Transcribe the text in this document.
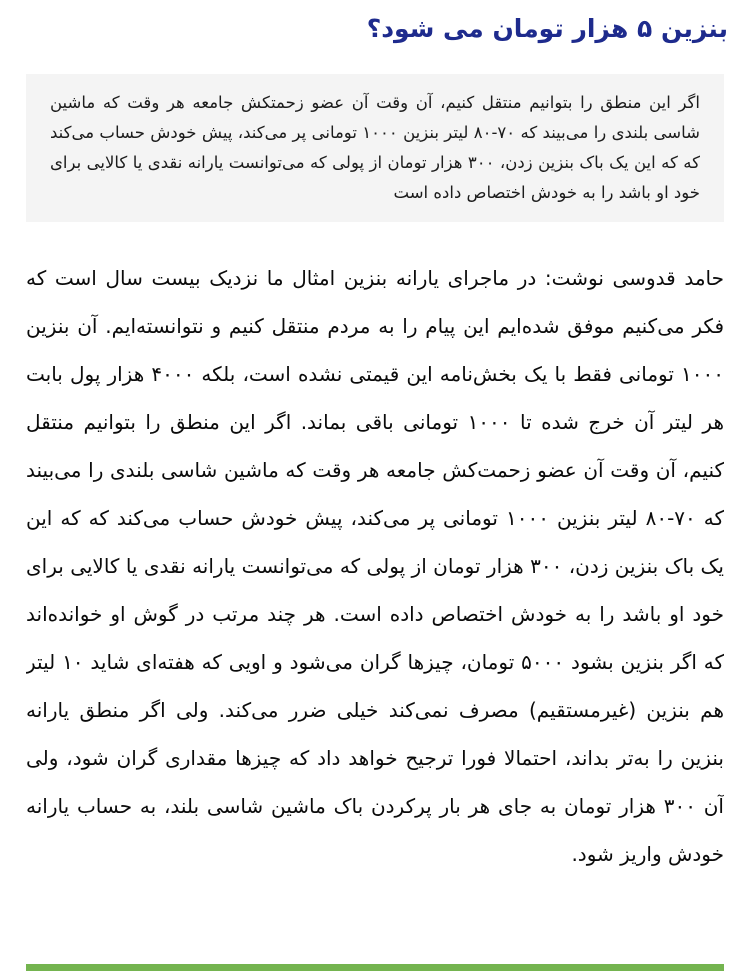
بنزین ۵ هزار تومان می شود؟
اگر این منطق را بتوانیم منتقل کنیم، آن وقت آن عضو زحمتکش جامعه هر وقت که ماشین شاسی بلندی را می‌بیند که ۷۰-۸۰ لیتر بنزین ۱۰۰۰ تومانی پر می‌کند، پیش خودش حساب می‌کند که که این یک باک بنزین زدن، ۳۰۰ هزار تومان از پولی که می‌توانست یارانه نقدی یا کالایی برای خود او باشد را به خودش اختصاص داده است

حامد قدوسی نوشت: در ماجرای یارانه بنزین امثال ما نزدیک بیست سال است که فکر می‌کنیم موفق شده‌ایم این پیام را به مردم منتقل کنیم و نتوانسته‌ایم. آن بنزین ۱۰۰۰ تومانی فقط با یک بخش‌نامه این قیمتی نشده است، بلکه ۴۰۰۰ هزار پول بابت هر لیتر آن خرج شده تا ۱۰۰۰ تومانی باقی بماند. اگر این منطق را بتوانیم منتقل کنیم، آن وقت آن عضو زحمت‌کش جامعه هر وقت که ماشین شاسی بلندی را می‌بیند که ۷۰-۸۰ لیتر بنزین ۱۰۰۰ تومانی پر می‌کند، پیش خودش حساب می‌کند که که این یک باک بنزین زدن، ۳۰۰ هزار تومان از پولی که می‌توانست یارانه نقدی یا کالایی برای خود او باشد را به خودش اختصاص داده است. هر چند مرتب در گوش او خوانده‌اند که اگر بنزین بشود ۵۰۰۰ تومان، چیزها گران می‌شود و اویی که هفته‌ای شاید ۱۰ لیتر هم بنزین (غیرمستقیم) مصرف نمی‌کند خیلی ضرر می‌کند. ولی اگر منطق یارانه بنزین را به‌تر بداند، احتمالا فورا ترجیح خواهد داد که چیزها مقداری گران شود، ولی آن ۳۰۰ هزار تومان به جای هر بار پرکردن باک ماشین شاسی بلند، به حساب یارانه خودش واریز شود.
